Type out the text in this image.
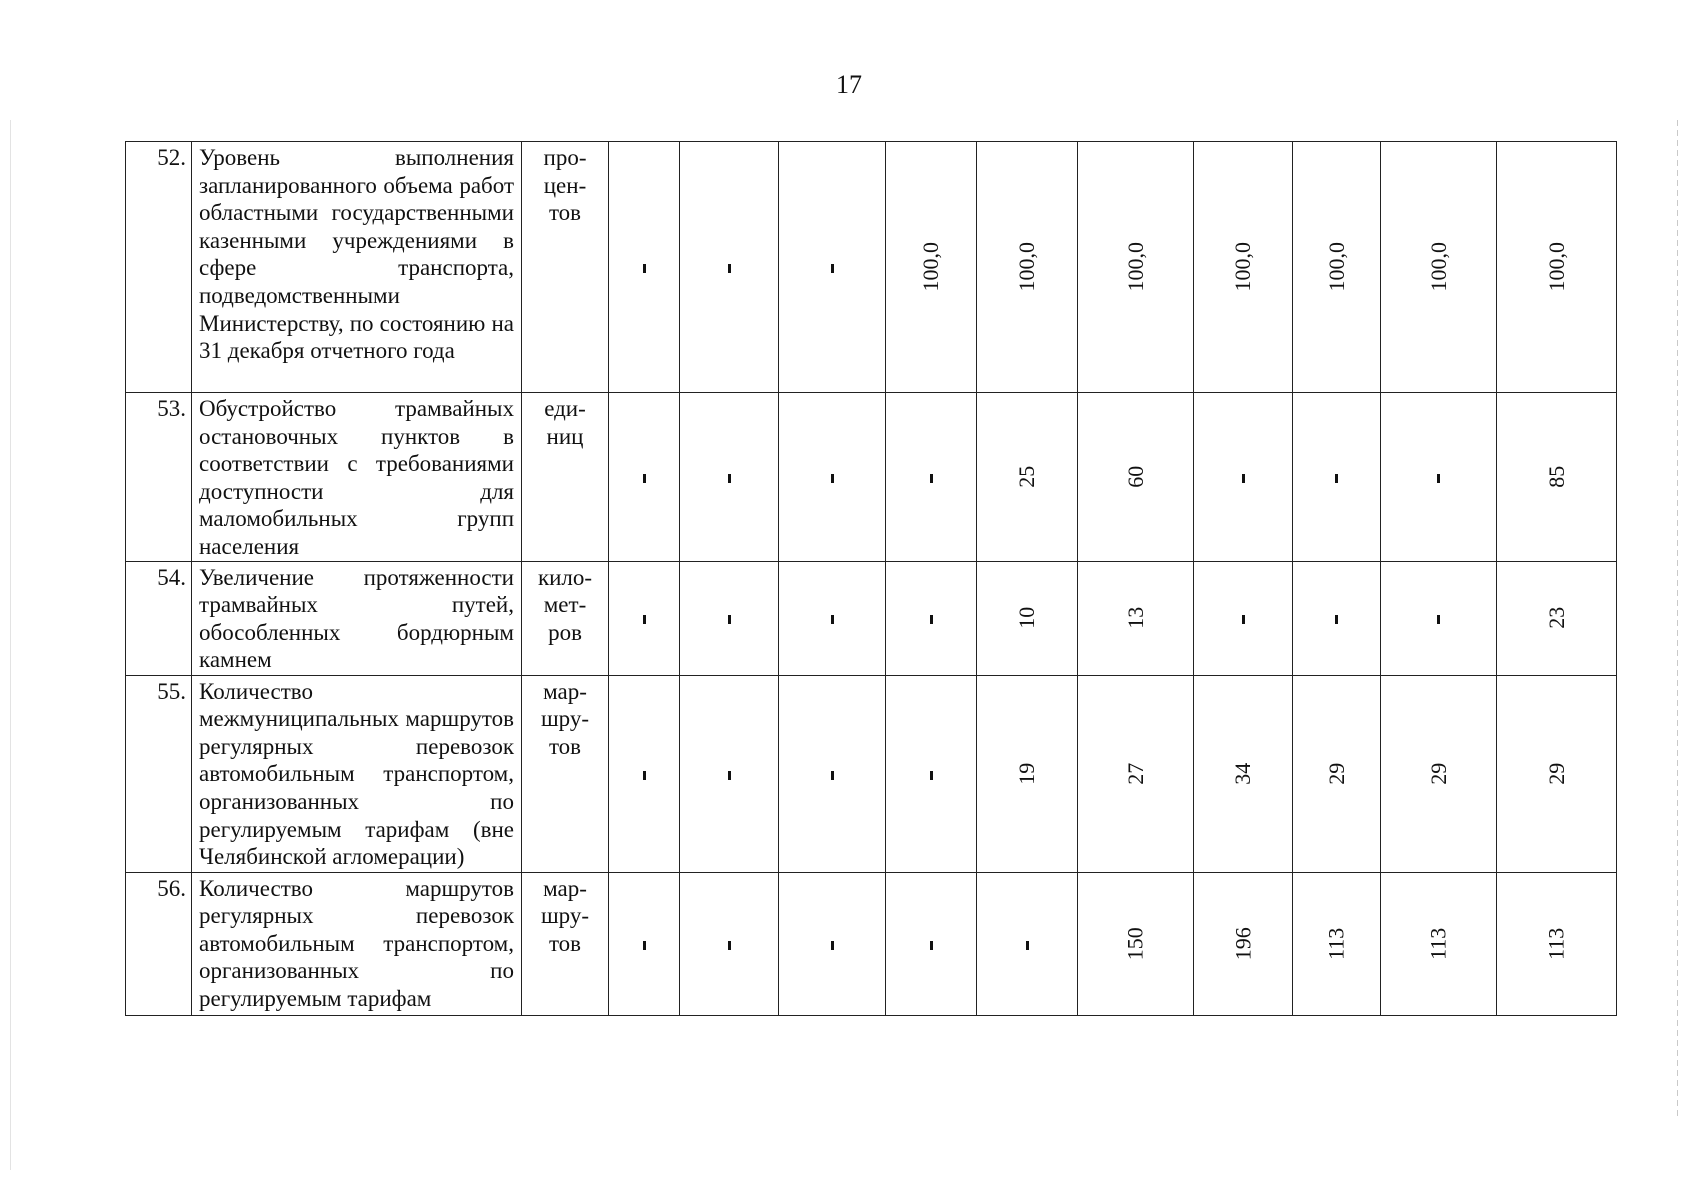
17
52.	Уровень выполнения запланированного объема работ областными государственными казенными учреждениями в сфере транспорта, подведомственными Министерству, по состоянию на 31 декабря отчетного года	про-
цен-
тов				100,0	100,0	100,0	100,0	100,0	100,0	100,0
53.	Обустройство трамвайных остановочных пунктов в соответствии с требованиями доступности для маломобильных групп населения	еди-
ниц					25	60				85
54.	Увеличение протяженности трамвайных путей, обособленных бордюрным камнем	кило-
мет-
ров					10	13				23
55.	Количество межмуниципальных маршрутов регулярных перевозок автомобильным транспортом, организованных по регулируемым тарифам (вне Челябинской агломерации)	мар-
шру-
тов					19	27	34	29	29	29
56.	Количество маршрутов регулярных перевозок автомобильным транспортом, организованных по регулируемым тарифам	мар-
шру-
тов						150	196	113	113	113
